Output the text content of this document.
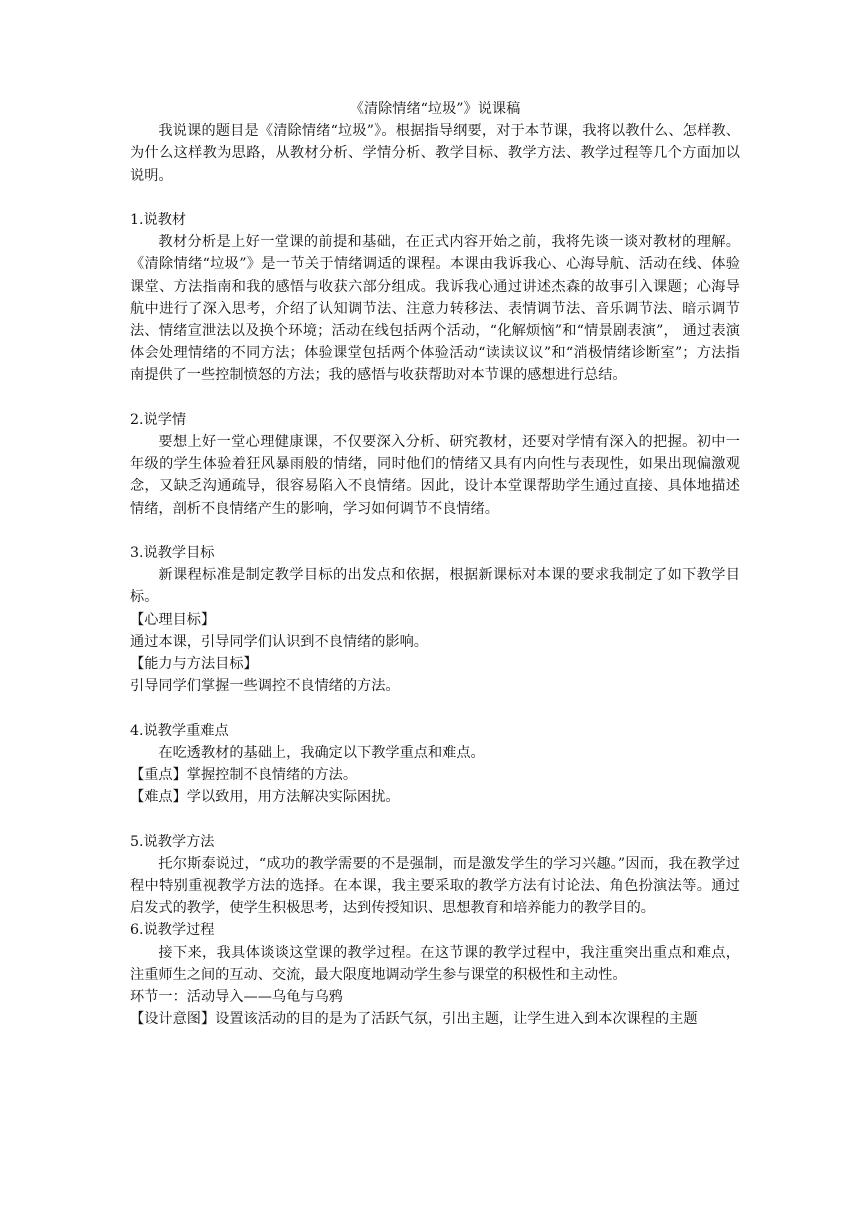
《清除情绪“垃圾”》说课稿

我说课的题目是《清除情绪“垃圾”》。根据指导纲要，对于本节课，我将以教什么、怎样教、为什么这样教为思路，从教材分析、学情分析、教学目标、教学方法、教学过程等几个方面加以说明。

1.说教材

教材分析是上好一堂课的前提和基础，在正式内容开始之前，我将先谈一谈对教材的理解。《清除情绪“垃圾”》是一节关于情绪调适的课程。本课由我诉我心、心海导航、活动在线、体验课堂、方法指南和我的感悟与收获六部分组成。我诉我心通过讲述杰森的故事引入课题；心海导航中进行了深入思考，介绍了认知调节法、注意力转移法、表情调节法、音乐调节法、暗示调节法、情绪宣泄法以及换个环境；活动在线包括两个活动，“化解烦恼”和“情景剧表演”， 通过表演体会处理情绪的不同方法；体验课堂包括两个体验活动“读读议议”和“消极情绪诊断室”；方法指南提供了一些控制愤怒的方法；我的感悟与收获帮助对本节课的感想进行总结。

2.说学情

要想上好一堂心理健康课，不仅要深入分析、研究教材，还要对学情有深入的把握。初中一年级的学生体验着狂风暴雨般的情绪，同时他们的情绪又具有内向性与表现性，如果出现偏激观念，又缺乏沟通疏导，很容易陷入不良情绪。因此，设计本堂课帮助学生通过直接、具体地描述情绪，剖析不良情绪产生的影响，学习如何调节不良情绪。

3.说教学目标

新课程标准是制定教学目标的出发点和依据，根据新课标对本课的要求我制定了如下教学目标。

【心理目标】

通过本课，引导同学们认识到不良情绪的影响。

【能力与方法目标】

引导同学们掌握一些调控不良情绪的方法。

4.说教学重难点

在吃透教材的基础上，我确定以下教学重点和难点。

【重点】掌握控制不良情绪的方法。

【难点】学以致用，用方法解决实际困扰。

5.说教学方法

托尔斯泰说过，“成功的教学需要的不是强制，而是激发学生的学习兴趣。”因而，我在教学过程中特别重视教学方法的选择。在本课，我主要采取的教学方法有讨论法、角色扮演法等。通过启发式的教学，使学生积极思考，达到传授知识、思想教育和培养能力的教学目的。

6.说教学过程

接下来，我具体谈谈这堂课的教学过程。在这节课的教学过程中，我注重突出重点和难点，注重师生之间的互动、交流，最大限度地调动学生参与课堂的积极性和主动性。

环节一：活动导入——乌龟与乌鸦

【设计意图】设置该活动的目的是为了活跃气氛，引出主题，让学生进入到本次课程的主题
